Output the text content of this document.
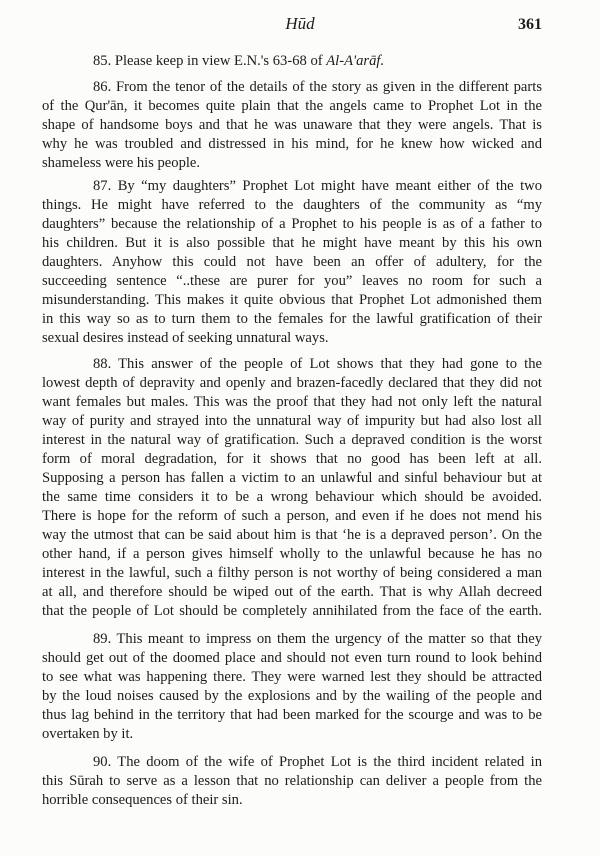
Hūd	361
85. Please keep in view E.N.'s 63-68 of Al-A'arāf.
86. From the tenor of the details of the story as given in the different parts
of the Qur'ān, it becomes quite plain that the angels came to Prophet Lot in the
shape of handsome boys and that he was unaware that they were angels. That is
why he was troubled and distressed in his mind, for he knew how wicked and
shameless were his people.
87. By “my daughters” Prophet Lot might have meant either of the two
things. He might have referred to the daughters of the community as “my
daughters” because the relationship of a Prophet to his people is as of a father to
his children. But it is also possible that he might have meant by this his own
daughters. Anyhow this could not have been an offer of adultery, for the
succeeding sentence “..these are purer for you” leaves no room for such a
misunderstanding. This makes it quite obvious that Prophet Lot admonished them
in this way so as to turn them to the females for the lawful gratification of their
sexual desires instead of seeking unnatural ways.
88. This answer of the people of Lot shows that they had gone to the
lowest depth of depravity and openly and brazen-facedly declared that they did not
want females but males. This was the proof that they had not only left the natural
way of purity and strayed into the unnatural way of impurity but had also lost all
interest in the natural way of gratification. Such a depraved condition is the worst
form of moral degradation, for it shows that no good has been left at all.
Supposing a person has fallen a victim to an unlawful and sinful behaviour but at
the same time considers it to be a wrong behaviour which should be avoided.
There is hope for the reform of such a person, and even if he does not mend his
way the utmost that can be said about him is that ‘he is a depraved person’. On the
other hand, if a person gives himself wholly to the unlawful because he has no
interest in the lawful, such a filthy person is not worthy of being considered a man
at all, and therefore should be wiped out of the earth. That is why Allah decreed
that the people of Lot should be completely annihilated from the face of the earth.
89. This meant to impress on them the urgency of the matter so that they
should get out of the doomed place and should not even turn round to look behind
to see what was happening there. They were warned lest they should be attracted
by the loud noises caused by the explosions and by the wailing of the people and
thus lag behind in the territory that had been marked for the scourge and was to be
overtaken by it.
90. The doom of the wife of Prophet Lot is the third incident related in
this Sūrah to serve as a lesson that no relationship can deliver a people from the
horrible consequences of their sin.
